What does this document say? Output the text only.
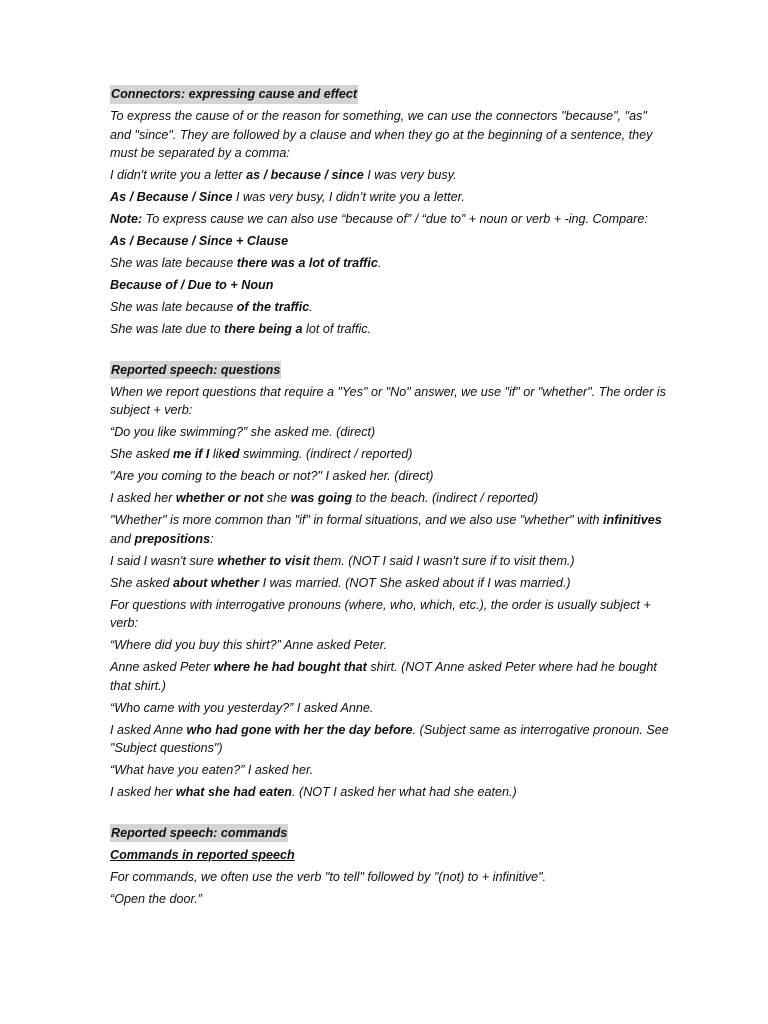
Connectors: expressing cause and effect
To express the cause of or the reason for something, we can use the connectors "because", "as" and "since". They are followed by a clause and when they go at the beginning of a sentence, they must be separated by a comma:
I didn't write you a letter as / because / since I was very busy.
As / Because / Since I was very busy, I didn’t write you a letter.
Note: To express cause we can also use “because of” / “due to” + noun or verb + -ing. Compare:
As / Because / Since + Clause
She was late because there was a lot of traffic.
Because of / Due to + Noun
She was late because of the traffic.
She was late due to there being a lot of traffic.
Reported speech: questions
When we report questions that require a "Yes" or "No" answer, we use "if" or "whether". The order is subject + verb:
“Do you like swimming?” she asked me. (direct)
She asked me if I liked swimming. (indirect / reported)
"Are you coming to the beach or not?" I asked her. (direct)
I asked her whether or not she was going to the beach. (indirect / reported)
"Whether" is more common than "if" in formal situations, and we also use "whether" with infinitives and prepositions:
I said I wasn't sure whether to visit them. (NOT I said I wasn't sure if to visit them.)
She asked about whether I was married. (NOT She asked about if I was married.)
For questions with interrogative pronouns (where, who, which, etc.), the order is usually subject + verb:
“Where did you buy this shirt?” Anne asked Peter.
Anne asked Peter where he had bought that shirt. (NOT Anne asked Peter where had he bought that shirt.)
“Who came with you yesterday?” I asked Anne.
I asked Anne who had gone with her the day before. (Subject same as interrogative pronoun. See "Subject questions")
“What have you eaten?” I asked her.
I asked her what she had eaten. (NOT I asked her what had she eaten.)
Reported speech: commands
Commands in reported speech
For commands, we often use the verb "to tell" followed by "(not) to + infinitive".
“Open the door.”
